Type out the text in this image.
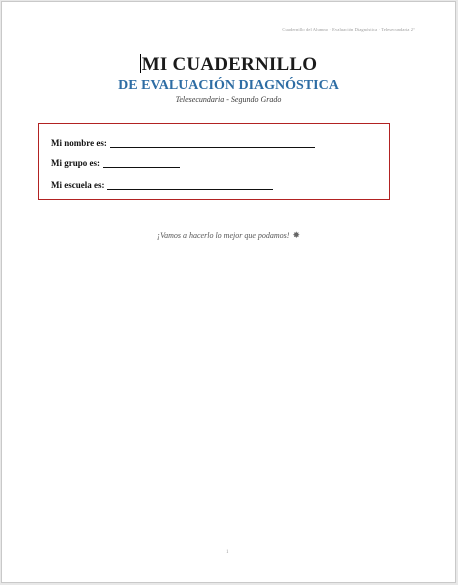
Cuadernillo del Alumno · Evaluación Diagnóstica · Telesecundaria 2°
MI CUADERNILLO
DE EVALUACIÓN DIAGNÓSTICA
Telesecundaria - Segundo Grado
Mi nombre es:
Mi grupo es:
Mi escuela es:
¡Vamos a hacerlo lo mejor que podamos! ✸
1
